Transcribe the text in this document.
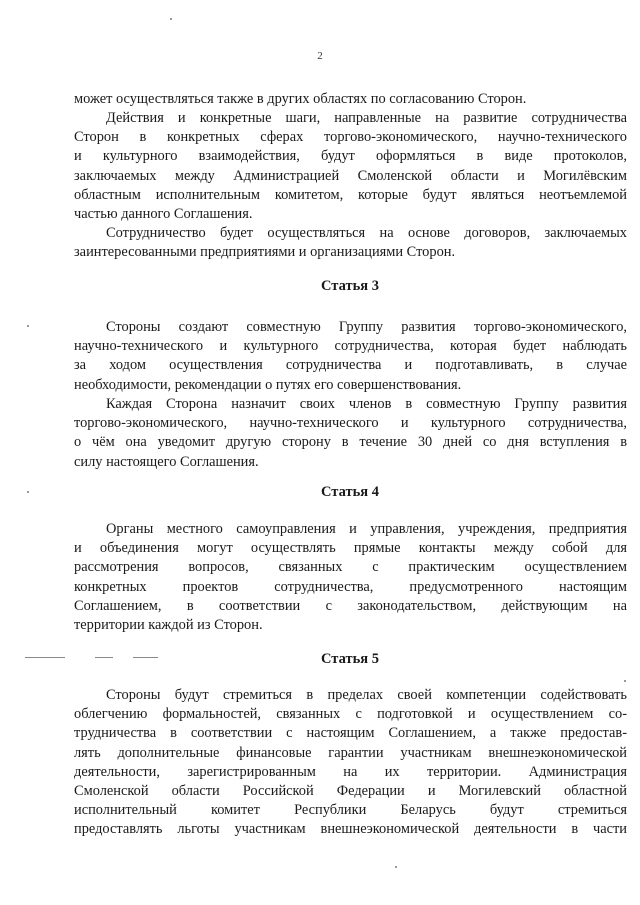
2

может осуществляться также в других областях по согласованию Сторон.

Действия и конкретные шаги, направленные на развитие сотрудничества
Сторон в конкретных сферах торгово-экономического, научно-технического
и культурного взаимодействия, будут оформляться в виде протоколов,
заключаемых между Администрацией Смоленской области и Могилёвским
областным исполнительным комитетом, которые будут являться неотъемлемой
частью данного Соглашения.

Сотрудничество будет осуществляться на основе договоров, заключаемых
заинтересованными предприятиями и организациями Сторон.

Статья 3

Стороны создают совместную Группу развития торгово-экономического,
научно-технического и культурного сотрудничества, которая будет наблюдать
за ходом осуществления сотрудничества и подготавливать, в случае
необходимости, рекомендации о путях его совершенствования.

Каждая Сторона назначит своих членов в совместную Группу развития
торгово-экономического, научно-технического и культурного сотрудничества,
о чём она уведомит другую сторону в течение 30 дней со дня вступления в
силу настоящего Соглашения.

Статья 4

Органы местного самоуправления и управления, учреждения, предприятия
и объединения могут осуществлять прямые контакты между собой для
рассмотрения вопросов, связанных с практическим осуществлением
конкретных проектов сотрудничества, предусмотренного настоящим
Соглашением, в соответствии с законодательством, действующим на
территории каждой из Сторон.

Статья 5

Стороны будут стремиться в пределах своей компетенции содействовать
облегчению формальностей, связанных с подготовкой и осуществлением со-
трудничества в соответствии с настоящим Соглашением, а также предостав-
лять дополнительные финансовые гарантии участникам внешнеэкономической
деятельности, зарегистрированным на их территории. Администрация
Смоленской области Российской Федерации и Могилевский областной
исполнительный комитет Республики Беларусь будут стремиться
предоставлять льготы участникам внешнеэкономической деятельности в части
